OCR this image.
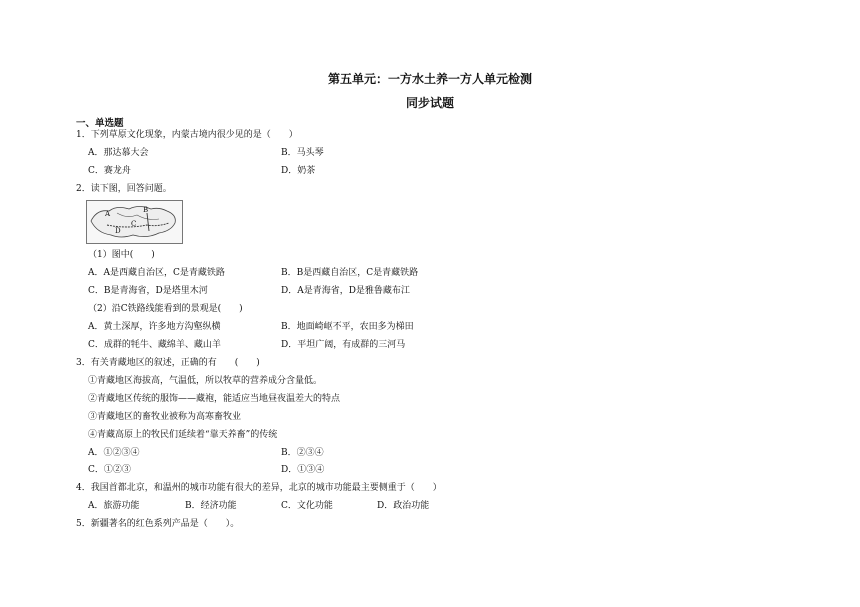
第五单元：一方水土养一方人单元检测
同步试题
一、单选题
1．下列草原文化现象，内蒙古境内很少见的是（　　）
A．那达慕大会	B．马头琴
C．赛龙舟	D．奶茶
2．读下图，回答问题。
A	B
C
D
（1）图中(　　)
A．A是西藏自治区，C是青藏铁路	B．B是西藏自治区，C是青藏铁路
C．B是青海省，D是塔里木河	D．A是青海省，D是雅鲁藏布江
（2）沿C铁路线能看到的景观是(　　)
A．黄土深厚，许多地方沟壑纵横	B．地面崎岖不平，农田多为梯田
C．成群的牦牛、藏绵羊、藏山羊	D．平坦广阔，有成群的三河马
3．有关青藏地区的叙述，正确的有　　(　　)
①青藏地区海拔高，气温低，所以牧草的营养成分含量低。
②青藏地区传统的服饰——藏袍，能适应当地昼夜温差大的特点
③青藏地区的畜牧业被称为高寒畜牧业
④青藏高原上的牧民们延续着“靠天养畜”的传统
A．①②③④	B．②③④
C．①②③	D．①③④
4．我国首都北京，和温州的城市功能有很大的差异，北京的城市功能最主要侧重于（　　）
A．旅游功能	B．经济功能	C．文化功能	D．政治功能
5．新疆著名的红色系列产品是（　　）。
